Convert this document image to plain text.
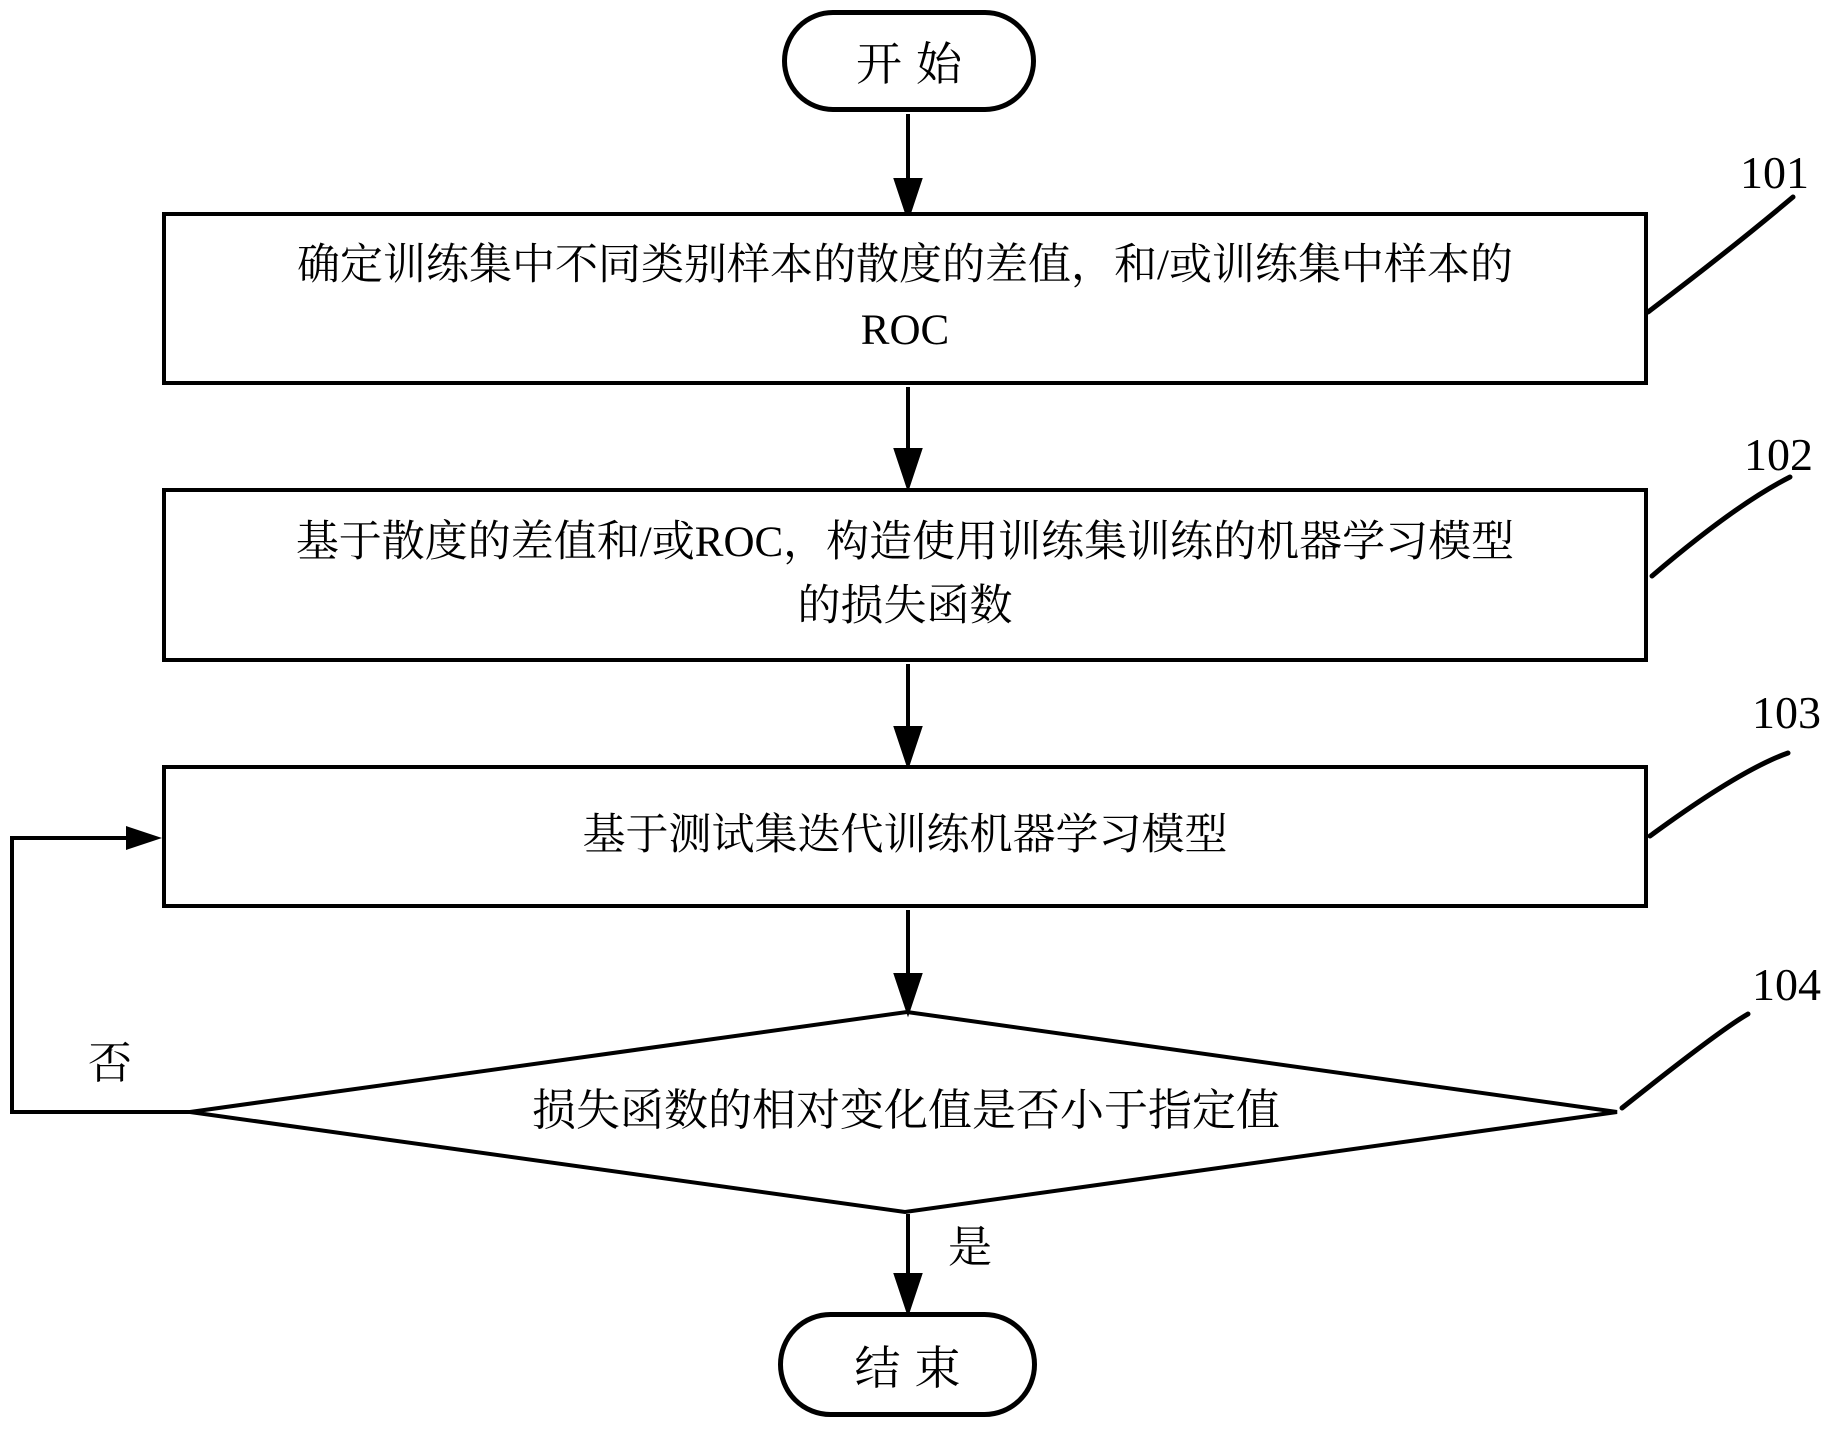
开始
确定训练集中不同类别样本的散度的差值，和/或训练集中样本的
ROC
基于散度的差值和/或ROC，构造使用训练集训练的机器学习模型
的损失函数
基于测试集迭代训练机器学习模型
损失函数的相对变化值是否小于指定值
结束
101
102
103
104
否
是
